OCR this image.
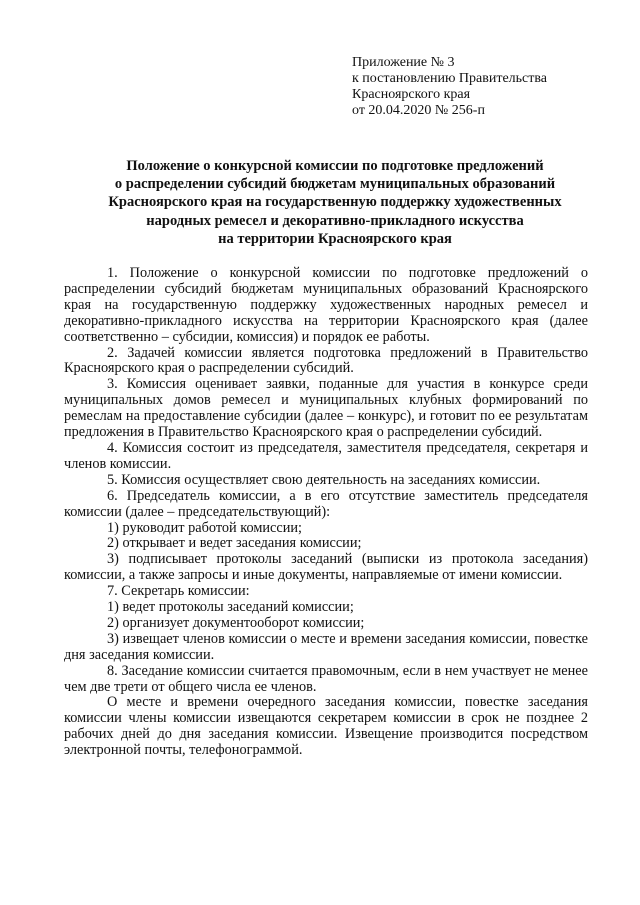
Приложение № 3
к постановлению Правительства
Красноярского края
от 20.04.2020 № 256-п
Положение о конкурсной комиссии по подготовке предложений
о распределении субсидий бюджетам муниципальных образований
Красноярского края на государственную поддержку художественных
народных ремесел и декоративно-прикладного искусства
на территории Красноярского края

1. Положение о конкурсной комиссии по подготовке предложений о распределении субсидий бюджетам муниципальных образований Красноярского края на государственную поддержку художественных народных ремесел и декоративно-прикладного искусства на территории Красноярского края (далее соответственно – субсидии, комиссия) и порядок ее работы.

2. Задачей комиссии является подготовка предложений в Правительство Красноярского края о распределении субсидий.

3. Комиссия оценивает заявки, поданные для участия в конкурсе среди муниципальных домов ремесел и муниципальных клубных формирований по ремеслам на предоставление субсидии (далее – конкурс), и готовит по ее результатам предложения в Правительство Красноярского края о распределении субсидий.

4. Комиссия состоит из председателя, заместителя председателя, секретаря и членов комиссии.

5. Комиссия осуществляет свою деятельность на заседаниях комиссии.

6. Председатель комиссии, а в его отсутствие заместитель председателя комиссии (далее – председательствующий):

1) руководит работой комиссии;

2) открывает и ведет заседания комиссии;

3) подписывает протоколы заседаний (выписки из протокола заседания) комиссии, а также запросы и иные документы, направляемые от имени комиссии.

7. Секретарь комиссии:

1) ведет протоколы заседаний комиссии;

2) организует документооборот комиссии;

3) извещает членов комиссии о месте и времени заседания комиссии, повестке дня заседания комиссии.

8. Заседание комиссии считается правомочным, если в нем участвует не менее чем две трети от общего числа ее членов.

О месте и времени очередного заседания комиссии, повестке заседания комиссии члены комиссии извещаются секретарем комиссии в срок не позднее 2 рабочих дней до дня заседания комиссии. Извещение производится посредством электронной почты, телефонограммой.
